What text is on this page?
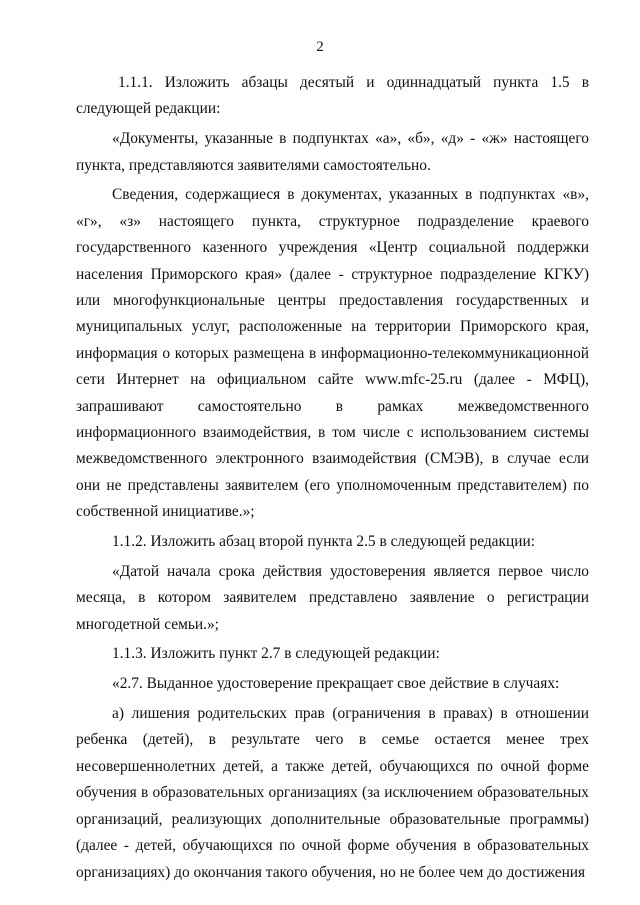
2

1.1.1. Изложить абзацы десятый и одиннадцатый пункта 1.5 в следующей редакции:

«Документы, указанные в подпунктах «а», «б», «д» - «ж» настоящего пункта, представляются заявителями самостоятельно.

Сведения, содержащиеся в документах, указанных в подпунктах «в», «г», «з» настоящего пункта, структурное подразделение краевого государственного казенного учреждения «Центр социальной поддержки населения Приморского края» (далее - структурное подразделение КГКУ) или многофункциональные центры предоставления государственных и муниципальных услуг, расположенные на территории Приморского края, информация о которых размещена в информационно-телекоммуникационной сети Интернет на официальном сайте www.mfc-25.ru (далее - МФЦ), запрашивают самостоятельно в рамках межведомственного информационного взаимодействия, в том числе с использованием системы межведомственного электронного взаимодействия (СМЭВ), в случае если они не представлены заявителем (его уполномоченным представителем) по собственной инициативе.»;

1.1.2. Изложить абзац второй пункта 2.5 в следующей редакции:

«Датой начала срока действия удостоверения является первое число месяца, в котором заявителем представлено заявление о регистрации многодетной семьи.»;

1.1.3. Изложить пункт 2.7 в следующей редакции:

«2.7. Выданное удостоверение прекращает свое действие в случаях:

а) лишения родительских прав (ограничения в правах) в отношении ребенка (детей), в результате чего в семье остается менее трех несовершеннолетних детей, а также детей, обучающихся по очной форме обучения в образовательных организациях (за исключением образовательных организаций, реализующих дополнительные образовательные программы) (далее - детей, обучающихся по очной форме обучения в образовательных организациях) до окончания такого обучения, но не более чем до достижения
